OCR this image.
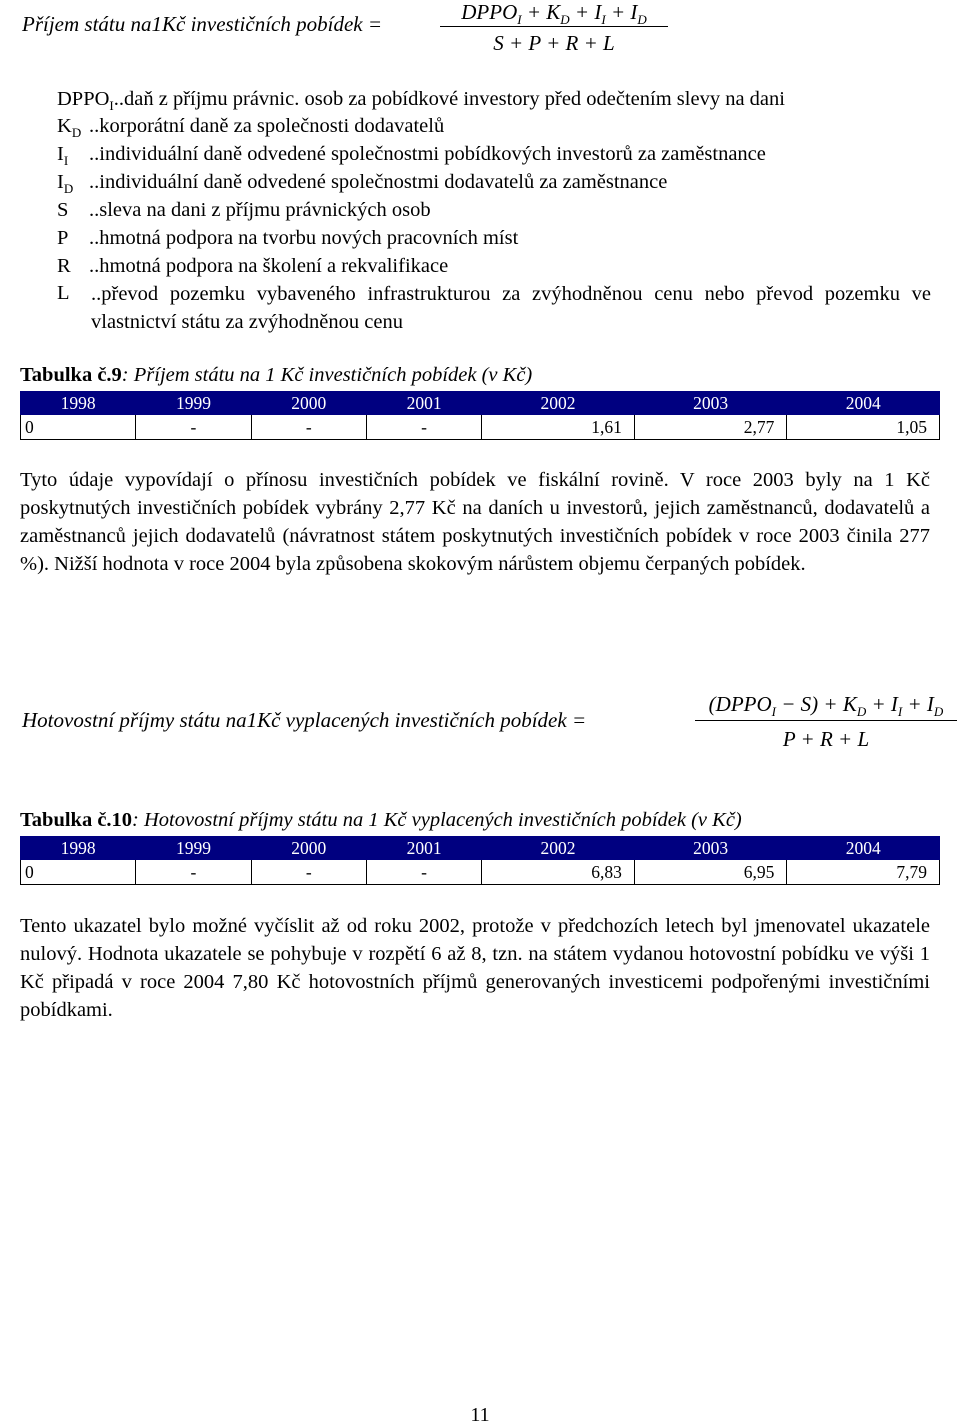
Příjem státu na1Kč investičních pobídek =	$DPPO_I + K_D + I_I + I_D$
S + P + R + L
$DPPO_I..daň$ z příjmu právnic. osob za pobídkové investory před odečtením slevy na dani
$K_D$ ..korporátní daně za společnosti dodavatelů
$I_I$ ..individuální daně odvedené společnostmi pobídkových investorů za zaměstnance
$I_D$ ..individuální daně odvedené společnostmi dodavatelů za zaměstnance
S ..sleva na dani z příjmu právnických osob
P ..hmotná podpora na tvorbu nových pracovních míst
R ..hmotná podpora na školení a rekvalifikace
L	..převod pozemku vybaveného infrastrukturou za zvýhodněnou cenu nebo převod pozemku ve vlastnictví státu za zvýhodněnou cenu
Tabulka č.9: Příjem státu na 1 Kč investičních pobídek (v Kč)
1998	1999	2000	2001	2002	2003	2004
0	-	-	-	1,61	2,77	1,05
Tyto údaje vypovídají o přínosu investičních pobídek ve fiskální rovině. V roce 2003 byly na 1 Kč poskytnutých investičních pobídek vybrány 2,77 Kč na daních u investorů, jejich zaměstnanců, dodavatelů a zaměstnanců jejich dodavatelů (návratnost státem poskytnutých investičních pobídek v roce 2003 činila 277 %). Nižší hodnota v roce 2004 byla způsobena skokovým nárůstem objemu čerpaných pobídek.
Hotovostní příjmy státu na1Kč vyplacených investičních pobídek =
$(DPPO_I - S) + K_D + I_I + I_D$
P + R + L
Tabulka č.10: Hotovostní příjmy státu na 1 Kč vyplacených investičních pobídek (v Kč)
1998	1999	2000	2001	2002	2003	2004
0	-	-	-	6,83	6,95	7,79
Tento ukazatel bylo možné vyčíslit až od roku 2002, protože v předchozích letech byl jmenovatel ukazatele nulový. Hodnota ukazatele se pohybuje v rozpětí 6 až 8, tzn. na státem vydanou hotovostní pobídku ve výši 1 Kč připadá v roce 2004 7,80 Kč hotovostních příjmů generovaných investicemi podpořenými investičními pobídkami.
11
